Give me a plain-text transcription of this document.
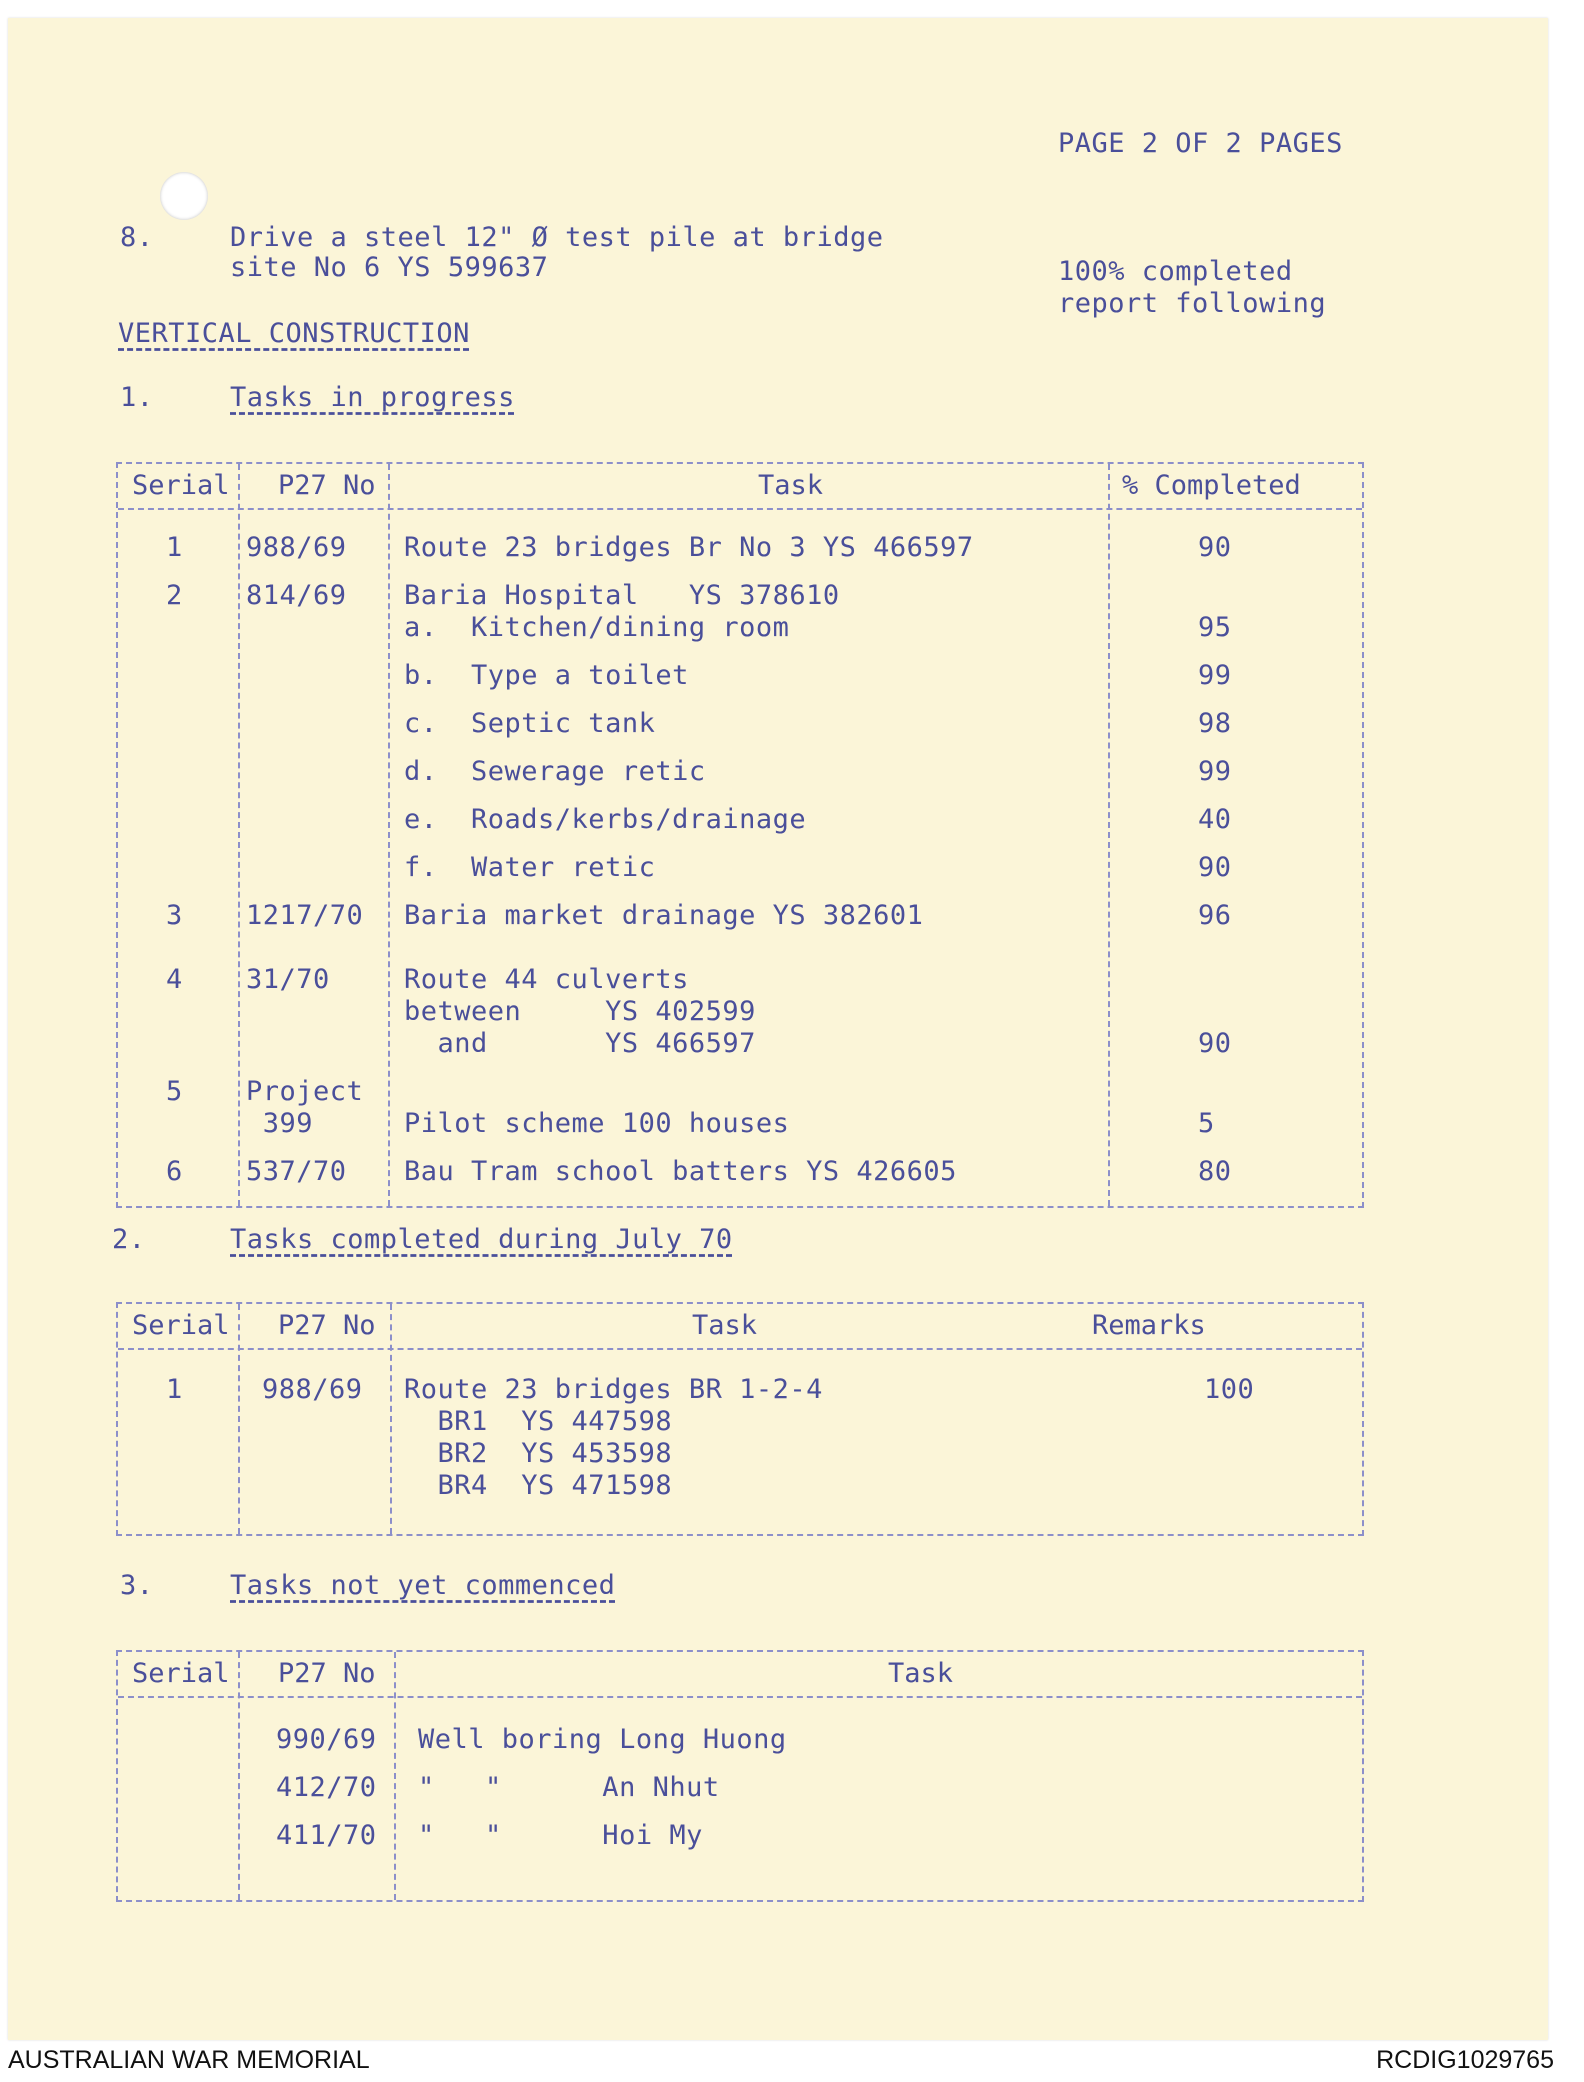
PAGE 2 OF 2 PAGES
8.	Drive a steel 12" Ø test pile at bridge
site No 6 YS 599637	100% completed
report following
VERTICAL CONSTRUCTION
1.	Tasks in progress
Serial P27 No	Task	% Completed
1 988/69 Route 23 bridges Br No 3 YS 466597	90
2 814/69 Baria Hospital   YS 378610
a.  Kitchen/dining room	95
b.  Type a toilet	99
c.  Septic tank	98
d.  Sewerage retic	99
e.  Roads/kerbs/drainage	40
f.  Water retic	90
3 1217/70 Baria market drainage YS 382601	96
4 31/70	Route 44 culverts
between     YS 402599
and       YS 466597	90
5 Project
399	Pilot scheme 100 houses	5
6 537/70 Bau Tram school batters YS 426605	80
2.	Tasks completed during July 70
Serial P27 No	Task	Remarks
1	988/69 Route 23 bridges BR 1-2-4	100
BR1  YS 447598
BR2  YS 453598
BR4  YS 471598
3.	Tasks not yet commenced
Serial P27 No	Task
990/69 Well boring Long Huong
412/70 "   "      An Nhut
411/70 "   "      Hoi My
AUSTRALIAN WAR MEMORIAL	RCDIG1029765
